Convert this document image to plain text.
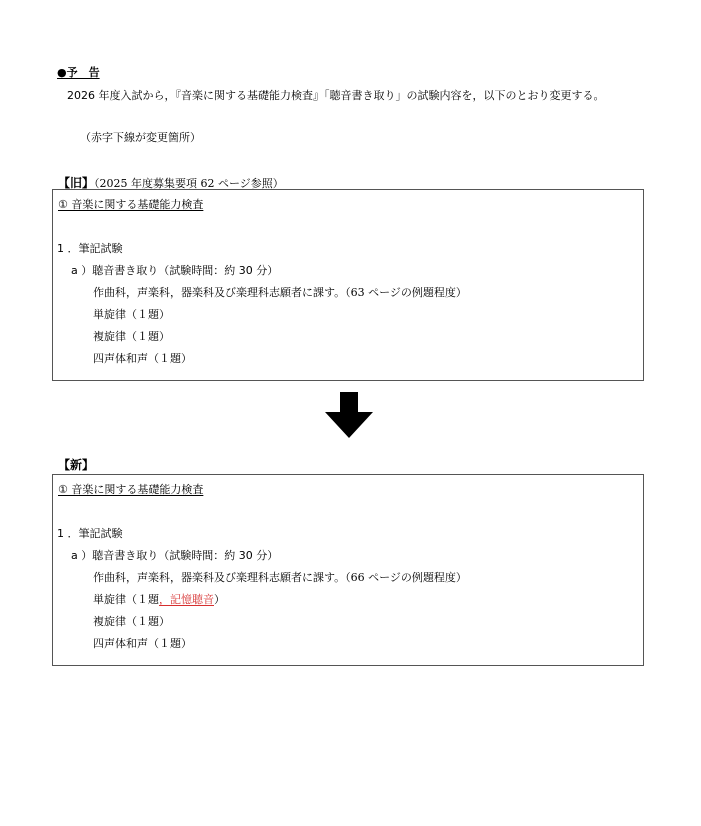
●予　告
2026 年度入試から，『音楽に関する基礎能力検査』「聴音書き取り」の試験内容を，以下のとおり変更する。
（赤字下線が変更箇所）
【旧】（2025 年度募集要項 62 ページ参照）
① 音楽に関する基礎能力検査
1 ．筆記試験
a ）聴音書き取り（試験時間：約 30 分）
作曲科，声楽科，器楽科及び楽理科志願者に課す。（63 ページの例題程度）
単旋律（１題）
複旋律（１題）
四声体和声（１題）
【新】
① 音楽に関する基礎能力検査
1 ．筆記試験
a ）聴音書き取り（試験時間：約 30 分）
作曲科，声楽科，器楽科及び楽理科志願者に課す。（66 ページの例題程度）
単旋律（１題，記憶聴音）
複旋律（１題）
四声体和声（１題）
